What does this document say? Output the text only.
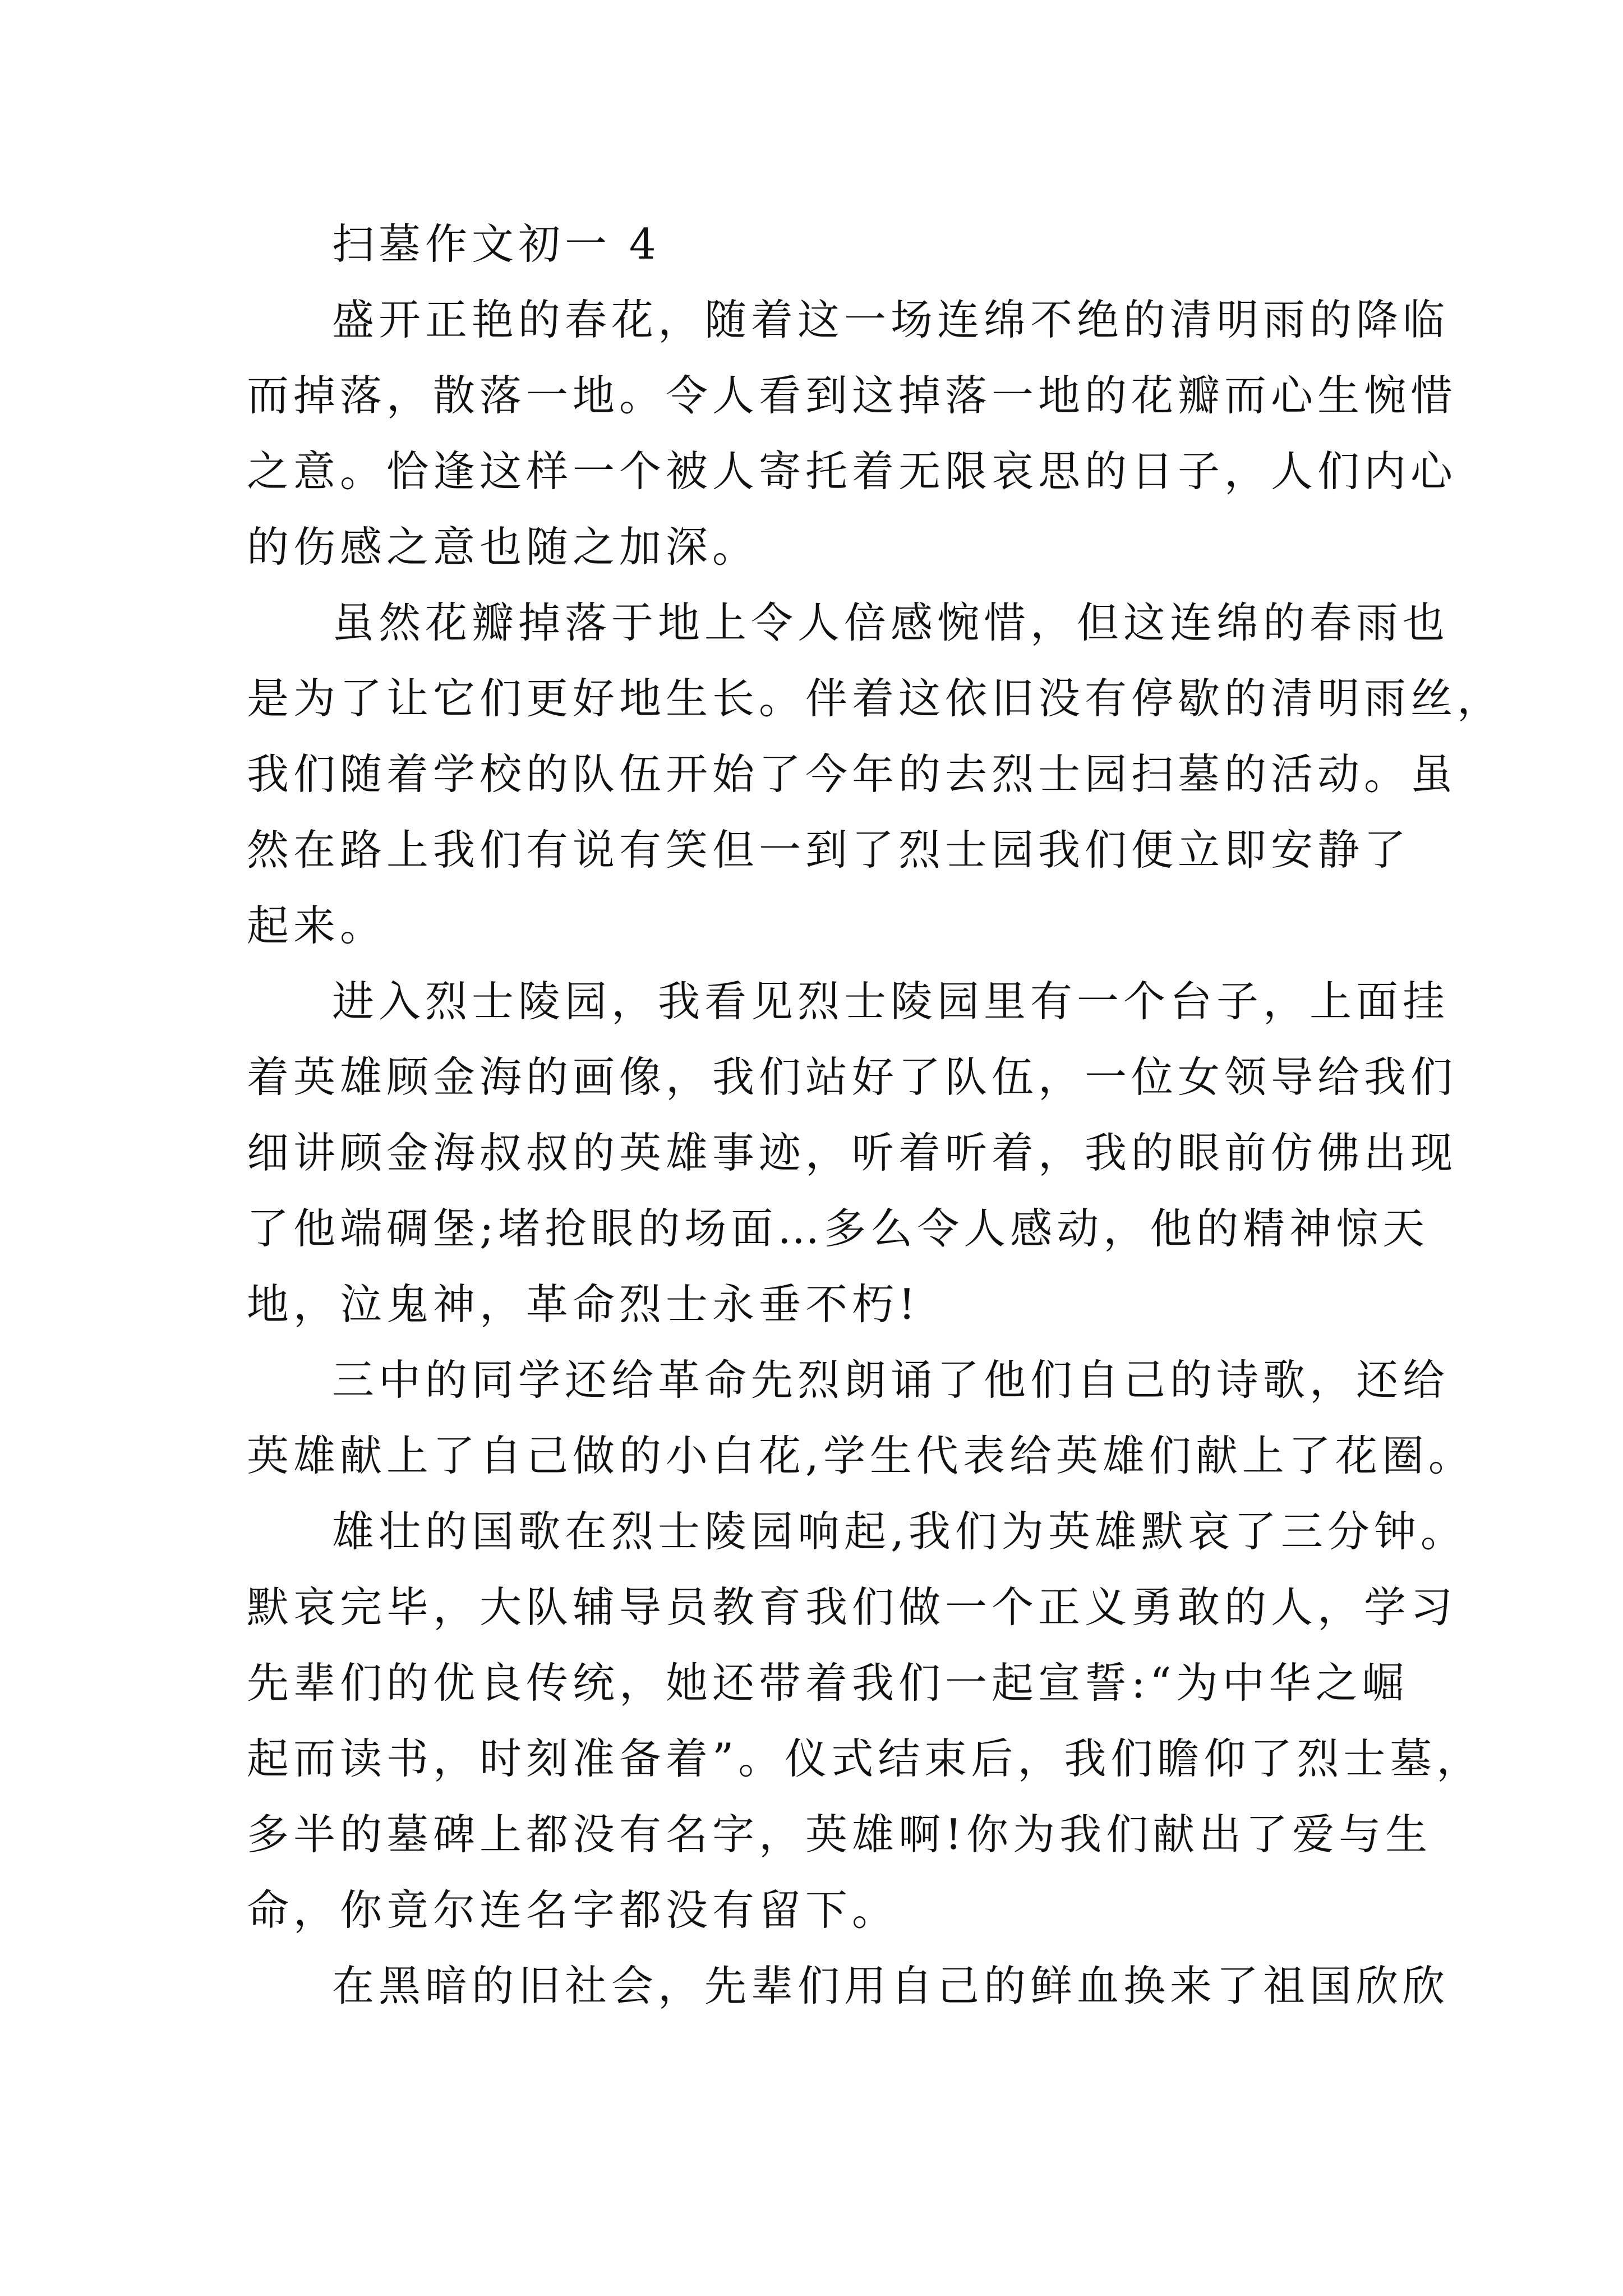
扫墓作文初一 4
盛开正艳的春花，随着这一场连绵不绝的清明雨的降临
而掉落，散落一地。令人看到这掉落一地的花瓣而心生惋惜
之意。恰逢这样一个被人寄托着无限哀思的日子，人们内心
的伤感之意也随之加深。
虽然花瓣掉落于地上令人倍感惋惜，但这连绵的春雨也
是为了让它们更好地生长。伴着这依旧没有停歇的清明雨丝，
我们随着学校的队伍开始了今年的去烈士园扫墓的活动。虽
然在路上我们有说有笑但一到了烈士园我们便立即安静了
起来。
进入烈士陵园，我看见烈士陵园里有一个台子，上面挂
着英雄顾金海的画像，我们站好了队伍，一位女领导给我们
细讲顾金海叔叔的英雄事迹，听着听着，我的眼前仿佛出现
了他端碉堡;堵抢眼的场面…多么令人感动，他的精神惊天
地，泣鬼神，革命烈士永垂不朽!
三中的同学还给革命先烈朗诵了他们自己的诗歌，还给
英雄献上了自己做的小白花,学生代表给英雄们献上了花圈。
雄壮的国歌在烈士陵园响起,我们为英雄默哀了三分钟。
默哀完毕，大队辅导员教育我们做一个正义勇敢的人，学习
先辈们的优良传统，她还带着我们一起宣誓:“为中华之崛
起而读书，时刻准备着”。仪式结束后，我们瞻仰了烈士墓，
多半的墓碑上都没有名字，英雄啊!你为我们献出了爱与生
命，你竟尔连名字都没有留下。
在黑暗的旧社会，先辈们用自己的鲜血换来了祖国欣欣
